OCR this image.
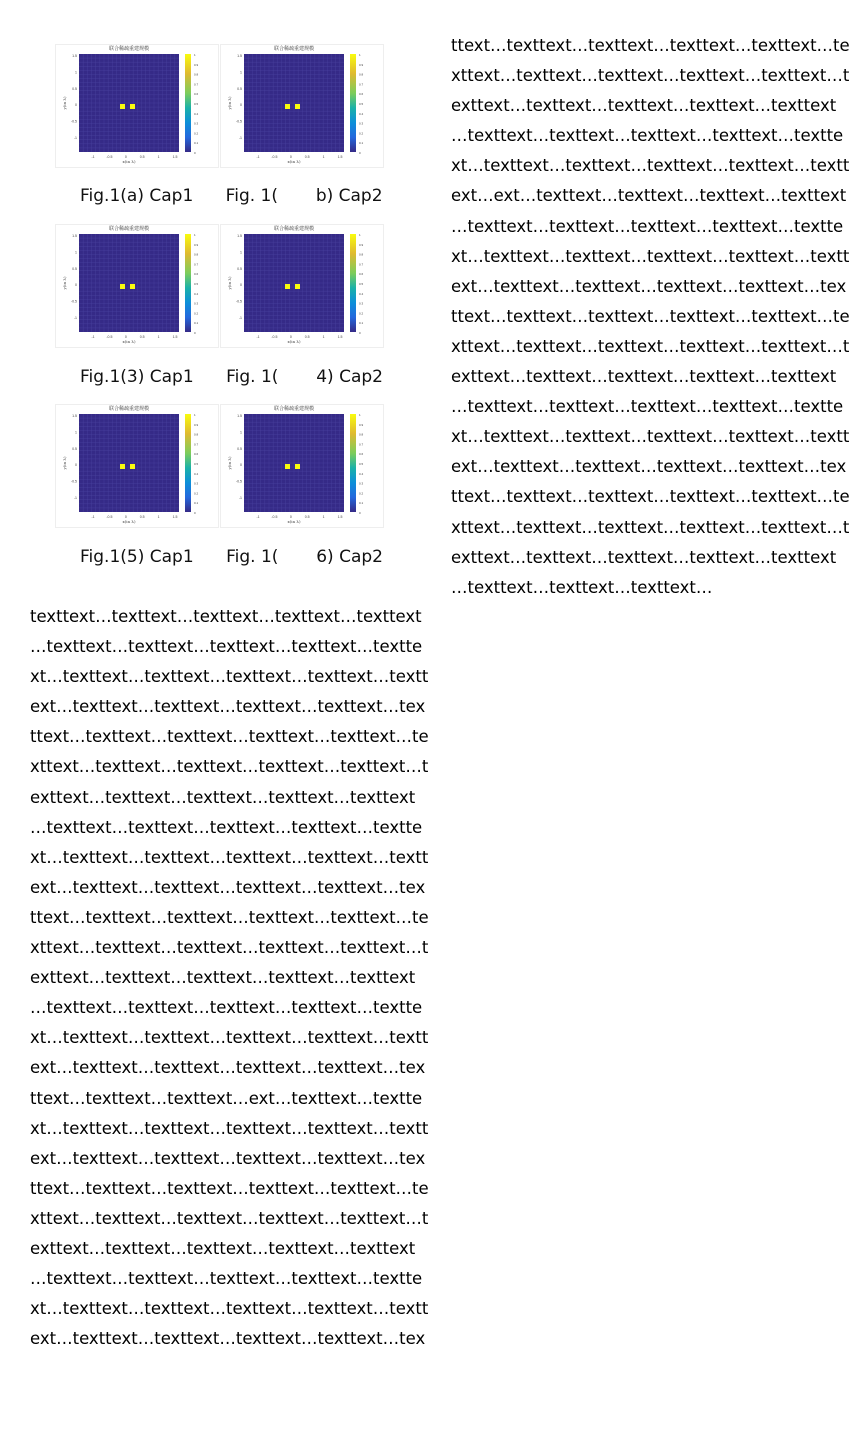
联合稀疏重建规模
-1	-0.5	0	0.5	1	1.5
1.5
1
0.5
0
-0.5
-1
x(in λ)
y(in λ)
1
0.9
0.8
0.7
0.6
0.5
0.4
0.3
0.2
0.1
0
联合稀疏重建规模
-1	-0.5	0	0.5	1	1.5
1.5
1
0.5
0
-0.5
-1
x(in λ)
y(in λ)
1
0.9
0.8
0.7
0.6
0.5
0.4
0.3
0.2
0.1
0
Fig.1(a) Cap1      Fig. 1(       b) Cap2
联合稀疏重建规模
-1	-0.5	0	0.5	1	1.5
1.5
1
0.5
0
-0.5
-1
x(in λ)
y(in λ)
1
0.9
0.8
0.7
0.6
0.5
0.4
0.3
0.2
0.1
0
联合稀疏重建规模
-1	-0.5	0	0.5	1	1.5
1.5
1
0.5
0
-0.5
-1
x(in λ)
y(in λ)
1
0.9
0.8
0.7
0.6
0.5
0.4
0.3
0.2
0.1
0
Fig.1(3) Cap1      Fig. 1(       4) Cap2
联合稀疏重建规模
-1	-0.5	0	0.5	1	1.5
1.5
1
0.5
0
-0.5
-1
x(in λ)
y(in λ)
1
0.9
0.8
0.7
0.6
0.5
0.4
0.3
0.2
0.1
0
联合稀疏重建规模
-1	-0.5	0	0.5	1	1.5
1.5
1
0.5
0
-0.5
-1
x(in λ)
y(in λ)
1
0.9
0.8
0.7
0.6
0.5
0.4
0.3
0.2
0.1
0
Fig.1(5) Cap1      Fig. 1(       6) Cap2
ttext…texttext…texttext…texttext…texttext…te
xttext…texttext…texttext…texttext…texttext…t
exttext…texttext…texttext…texttext…texttext
…texttext…texttext…texttext…texttext…textte
xt…texttext…texttext…texttext…texttext…textt
ext…ext…texttext…texttext…texttext…texttext
…texttext…texttext…texttext…texttext…textte
xt…texttext…texttext…texttext…texttext…textt
ext…texttext…texttext…texttext…texttext…tex
ttext…texttext…texttext…texttext…texttext…te
xttext…texttext…texttext…texttext…texttext…t
exttext…texttext…texttext…texttext…texttext
…texttext…texttext…texttext…texttext…textte
xt…texttext…texttext…texttext…texttext…textt
ext…texttext…texttext…texttext…texttext…tex
ttext…texttext…texttext…texttext…texttext…te
xttext…texttext…texttext…texttext…texttext…t
exttext…texttext…texttext…texttext…texttext
…texttext…texttext…texttext…
texttext…texttext…texttext…texttext…texttext
…texttext…texttext…texttext…texttext…textte
xt…texttext…texttext…texttext…texttext…textt
ext…texttext…texttext…texttext…texttext…tex
ttext…texttext…texttext…texttext…texttext…te
xttext…texttext…texttext…texttext…texttext…t
exttext…texttext…texttext…texttext…texttext
…texttext…texttext…texttext…texttext…textte
xt…texttext…texttext…texttext…texttext…textt
ext…texttext…texttext…texttext…texttext…tex
ttext…texttext…texttext…texttext…texttext…te
xttext…texttext…texttext…texttext…texttext…t
exttext…texttext…texttext…texttext…texttext
…texttext…texttext…texttext…texttext…textte
xt…texttext…texttext…texttext…texttext…textt
ext…texttext…texttext…texttext…texttext…tex
ttext…texttext…texttext…ext…texttext…textte
xt…texttext…texttext…texttext…texttext…textt
ext…texttext…texttext…texttext…texttext…tex
ttext…texttext…texttext…texttext…texttext…te
xttext…texttext…texttext…texttext…texttext…t
exttext…texttext…texttext…texttext…texttext
…texttext…texttext…texttext…texttext…textte
xt…texttext…texttext…texttext…texttext…textt
ext…texttext…texttext…texttext…texttext…tex
